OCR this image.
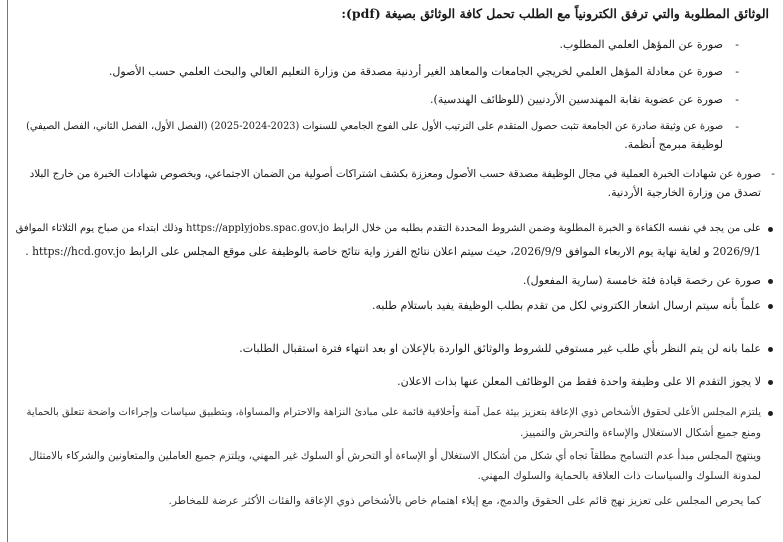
الوثائق المطلوبة والتي ترفق الكترونياً مع الطلب تحمل كافة الوثائق بصيغة (pdf):
-
صورة عن المؤهل العلمي المطلوب.
-
صورة عن معادلة المؤهل العلمي لخريجي الجامعات والمعاهد الغير أردنية مصدقة من وزارة التعليم العالي والبحث العلمي حسب الأصول.
-
صورة عن عضوية نقابة المهندسين الأردنيين (للوظائف الهندسية).
-
صورة عن وثيقة صادرة عن الجامعة تثبت حصول المتقدم على الترتيب الأول على الفوج الجامعي للسنوات (2023-2024-2025) (الفصل الأول، الفصل الثاني، الفصل الصيفي)
لوظيفة مبرمج أنظمة.
-
صورة عن شهادات الخبرة العملية في مجال الوظيفة مصدقة حسب الأصول ومعززة بكشف اشتراكات أصولية من الضمان الاجتماعي، وبخصوص شهادات الخبرة من خارج البلاد
تصدق من وزارة الخارجية الأردنية.
على من يجد في نفسه الكفاءة و الخبرة المطلوبة وضمن الشروط المحددة التقدم بطلبه من خلال الرابط https://applyjobs.spac.gov.jo وذلك ابتداء من صباح يوم الثلاثاء الموافق
2026/9/1 و لغاية نهاية يوم الاربعاء الموافق 2026/9/9، حيث سيتم اعلان نتائج الفرز واية نتائج خاصة بالوظيفة على موقع المجلس على الرابط https://hcd.gov.jo .
صورة عن رخصة قيادة فئة خامسة (سارية المفعول).
علماً بأنه سيتم ارسال اشعار الكتروني لكل من تقدم بطلب الوظيفة يفيد باستلام طلبه.
علما بانه لن يتم النظر بأي طلب غير مستوفي للشروط والوثائق الواردة بالإعلان او بعد انتهاء فترة استقبال الطلبات.
لا يجوز التقدم الا على وظيفة واحدة فقط من الوظائف المعلن عنها بذات الاعلان.
يلتزم المجلس الأعلى لحقوق الأشخاص ذوي الإعاقة بتعزيز بيئة عمل آمنة وأخلاقية قائمة على مبادئ النزاهة والاحترام والمساواة، وبتطبيق سياسات وإجراءات واضحة تتعلق بالحماية
ومنع جميع أشكال الاستغلال والإساءة والتحرش والتمييز.
وينتهج المجلس مبدأ عدم التسامح مطلقاً تجاه أي شكل من أشكال الاستغلال أو الإساءة أو التحرش أو السلوك غير المهني، ويلتزم جميع العاملين والمتعاونين والشركاء بالامتثال
لمدونة السلوك والسياسات ذات العلاقة بالحماية والسلوك المهني.
كما يحرص المجلس على تعزيز نهج قائم على الحقوق والدمج، مع إيلاء اهتمام خاص بالأشخاص ذوي الإعاقة والفئات الأكثر عرضة للمخاطر.
